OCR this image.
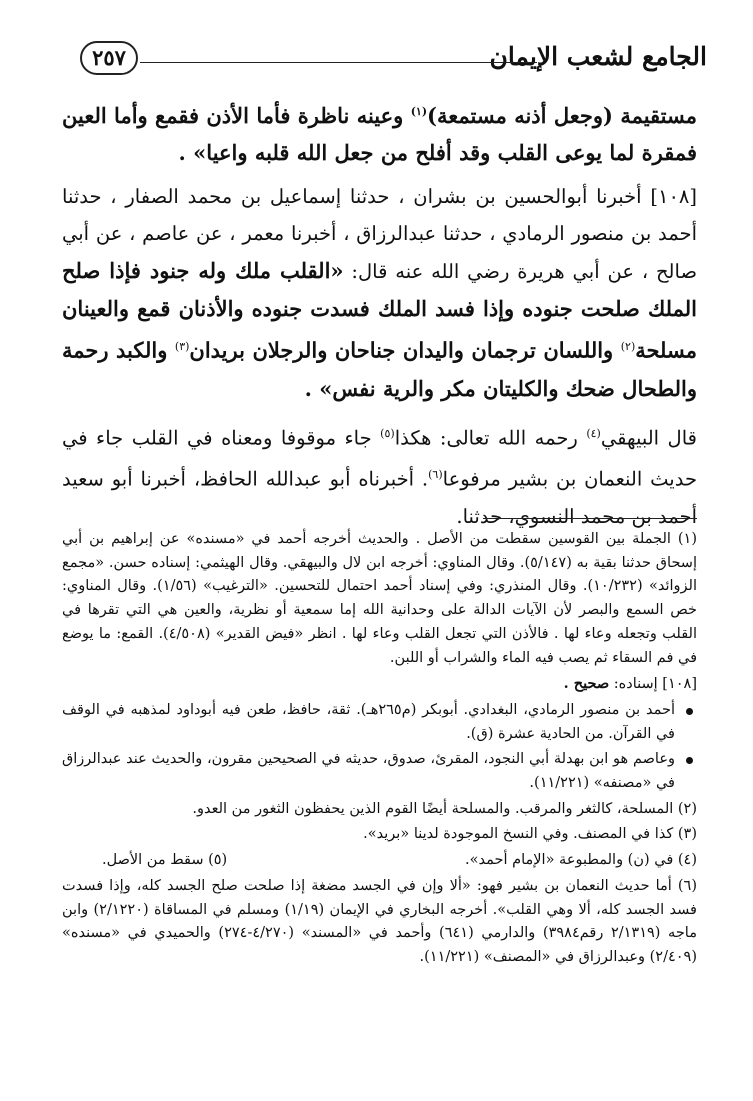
الجامع لشعب الإيمان
٢٥٧

مستقيمة (وجعل أذنه مستمعة)$^{(١)}$ وعينه ناظرة فأما الأذن فقمع وأما العين فمقرة لما يوعى القلب وقد أفلح من جعل الله قلبه واعيا» .

[١٠٨] أخبرنا أبوالحسين بن بشران ، حدثنا إسماعيل بن محمد الصفار ، حدثنا أحمد بن منصور الرمادي ، حدثنا عبدالرزاق ، أخبرنا معمر ، عن عاصم ، عن أبي صالح ، عن أبي هريرة رضي الله عنه قال: «القلب ملك وله جنود فإذا صلح الملك صلحت جنوده وإذا فسد الملك فسدت جنوده والأذنان قمع والعينان مسلحة$^{(٢)}$ واللسان ترجمان واليدان جناحان والرجلان بريدان$^{(٣)}$ والكبد رحمة والطحال ضحك والكليتان مكر والرية نفس» .

قال البيهقي$^{(٤)}$ رحمه الله تعالى: هكذا$^{(٥)}$ جاء موقوفا ومعناه في القلب جاء في حديث النعمان بن بشير مرفوعا$^{(٦)}$. أخبرناه أبو عبدالله الحافظ، أخبرنا أبو سعيد أحمد بن محمد النسوي، حدثنا.

(١) الجملة بين القوسين سقطت من الأصل . والحديث أخرجه أحمد في «مسنده» عن إبراهيم بن أبي إسحاق حدثنا بقية به (٥/١٤٧). وقال المناوي: أخرجه ابن لال والبيهقي. وقال الهيثمي: إسناده حسن. «مجمع الزوائد» (١٠/٢٣٢). وقال المنذري: وفي إسناد أحمد احتمال للتحسين. «الترغيب» (١/٥٦). وقال المناوي: خص السمع والبصر لأن الآيات الدالة على وحدانية الله إما سمعية أو نظرية، والعين هي التي تقرها في القلب وتجعله وعاء لها . فالأذن التي تجعل القلب وعاء لها . انظر «فيض القدير» (٤/٥٠٨). القمع: ما يوضع في فم السقاء ثم يصب فيه الماء والشراب أو اللبن.

[١٠٨] إسناده: صحيح .

أحمد بن منصور الرمادي، البغدادي. أبوبكر (م٢٦٥هـ). ثقة، حافظ، طعن فيه أبوداود لمذهبه في الوقف في القرآن. من الحادية عشرة (ق).
وعاصم هو ابن بهدلة أبي النجود، المقرئ، صدوق، حديثه في الصحيحين مقرون، والحديث عند عبدالرزاق في «مصنفه» (١١/٢٢١).

(٢) المسلحة، كالثغر والمرقب. والمسلحة أيضًا القوم الذين يحفظون الثغور من العدو.

(٣) كذا في المصنف. وفي النسخ الموجودة لدينا «بريد».

(٤) في (ن) والمطبوعة «الإمام أحمد».
(٥) سقط من الأصل.

(٦) أما حديث النعمان بن بشير فهو: «ألا وإن في الجسد مضغة إذا صلحت صلح الجسد كله، وإذا فسدت فسد الجسد كله، ألا وهي القلب». أخرجه البخاري في الإيمان (١/١٩) ومسلم في المساقاة (٢/١٢٢٠) وابن ماجه (٢/١٣١٩ رقم٣٩٨٤) والدارمي (٦٤١) وأحمد في «المسند» (٤/٢٧٠-٢٧٤) والحميدي في «مسنده» (٢/٤٠٩) وعبدالرزاق في «المصنف» (١١/٢٢١).
